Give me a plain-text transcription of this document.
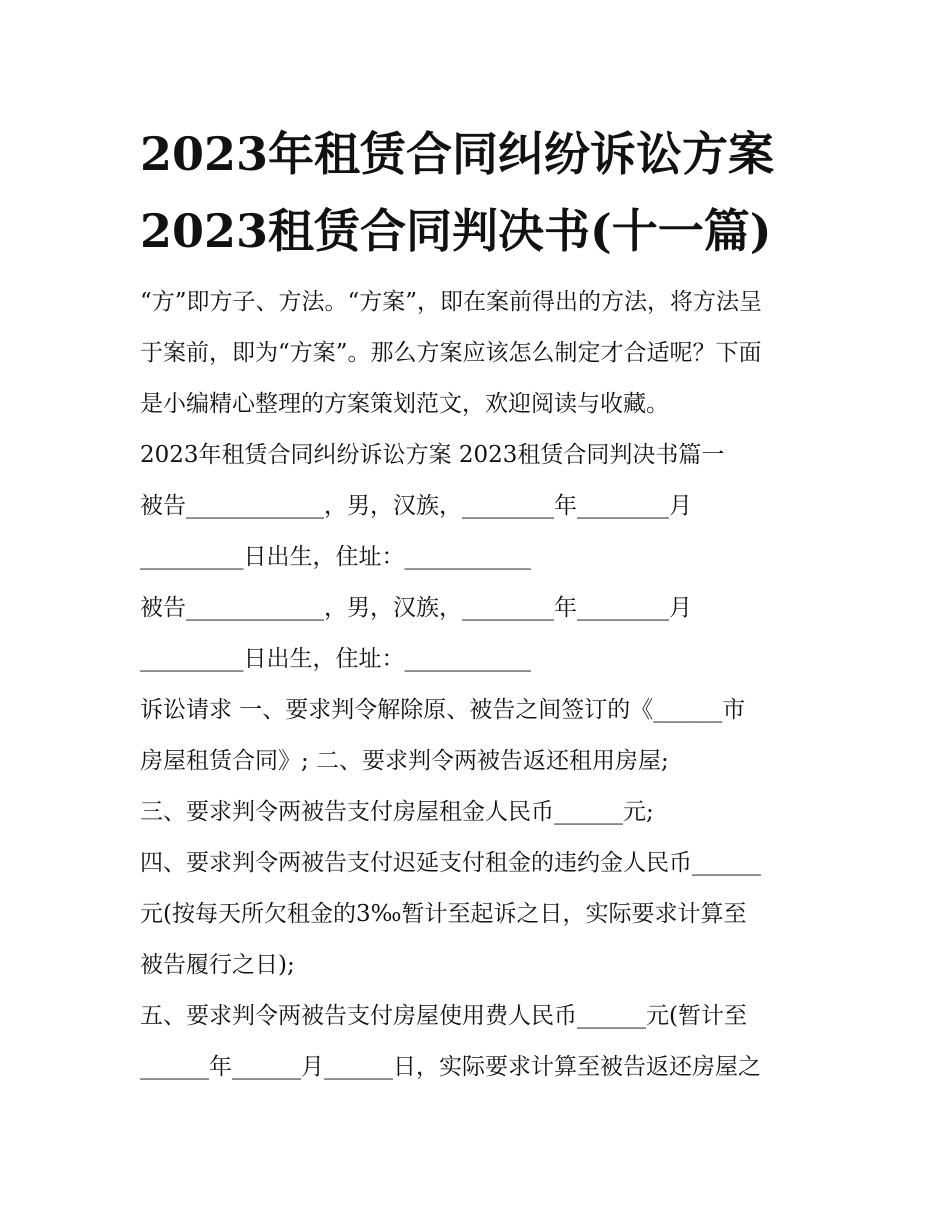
2023年租赁合同纠纷诉讼方案
2023租赁合同判决书(十一篇)

“方”即方子、方法。“方案”，即在案前得出的方法，将方法呈

于案前，即为“方案”。那么方案应该怎么制定才合适呢？下面

是小编精心整理的方案策划范文，欢迎阅读与收藏。

2023年租赁合同纠纷诉讼方案 2023租赁合同判决书篇一

被告____________，男，汉族，________年________月

_________日出生，住址：___________

被告____________，男，汉族，________年________月

_________日出生，住址：___________

诉讼请求 一、要求判令解除原、被告之间签订的《______市

房屋租赁合同》; 二、要求判令两被告返还租用房屋;

三、要求判令两被告支付房屋租金人民币______元;

四、要求判令两被告支付迟延支付租金的违约金人民币______

元(按每天所欠租金的3‰暂计至起诉之日，实际要求计算至

被告履行之日);

五、要求判令两被告支付房屋使用费人民币______元(暂计至

______年______月______日，实际要求计算至被告返还房屋之
